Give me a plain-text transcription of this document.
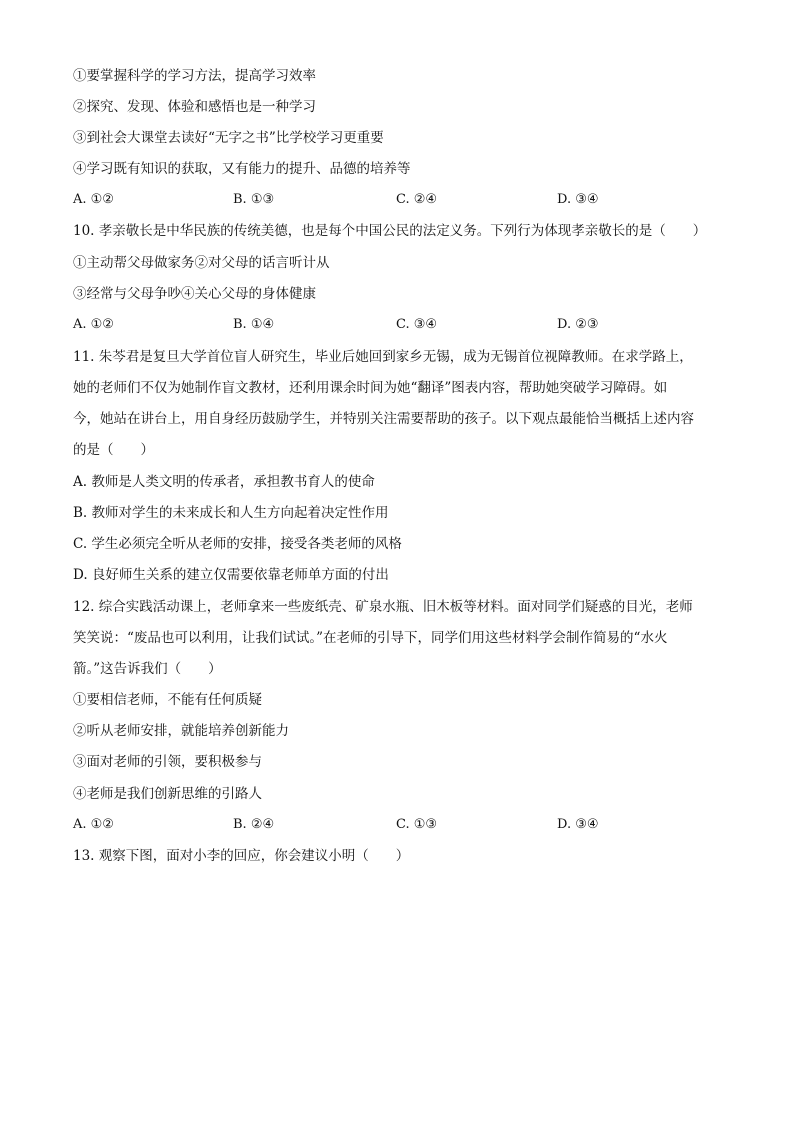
①要掌握科学的学习方法，提高学习效率
②探究、发现、体验和感悟也是一种学习
③到社会大课堂去读好“无字之书”比学校学习更重要
④学习既有知识的获取，又有能力的提升、品德的培养等
A. ①②	B. ①③	C. ②④	D. ③④
10. 孝亲敬长是中华民族的传统美德，也是每个中国公民的法定义务。下列行为体现孝亲敬长的是（　　）
①主动帮父母做家务②对父母的话言听计从
③经常与父母争吵④关心父母的身体健康
A. ①②	B. ①④	C. ③④	D. ②③
11. 朱芩君是复旦大学首位盲人研究生，毕业后她回到家乡无锡，成为无锡首位视障教师。在求学路上，
她的老师们不仅为她制作盲文教材，还利用课余时间为她“翻译”图表内容，帮助她突破学习障碍。如
今，她站在讲台上，用自身经历鼓励学生，并特别关注需要帮助的孩子。以下观点最能恰当概括上述内容
的是（　　）
A. 教师是人类文明的传承者，承担教书育人的使命
B. 教师对学生的未来成长和人生方向起着决定性作用
C. 学生必须完全听从老师的安排，接受各类老师的风格
D. 良好师生关系的建立仅需要依靠老师单方面的付出
12. 综合实践活动课上，老师拿来一些废纸壳、矿泉水瓶、旧木板等材料。面对同学们疑惑的目光，老师
笑笑说：“废品也可以利用，让我们试试。”在老师的引导下，同学们用这些材料学会制作简易的“水火
箭。”这告诉我们（　　）
①要相信老师，不能有任何质疑
②听从老师安排，就能培养创新能力
③面对老师的引领，要积极参与
④老师是我们创新思维的引路人
A. ①②	B. ②④	C. ①③	D. ③④
13. 观察下图，面对小李的回应，你会建议小明（　　）
